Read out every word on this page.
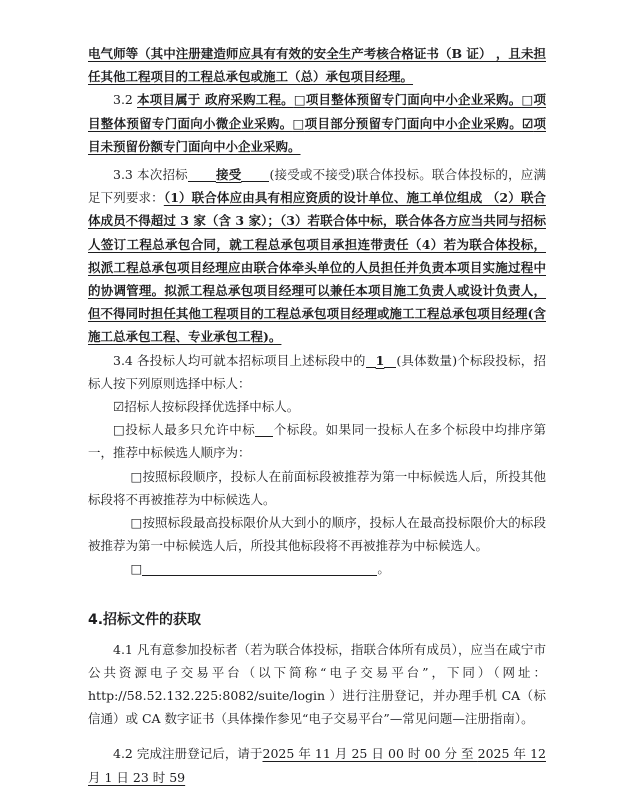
电气师等（其中注册建造师应具有有效的安全生产考核合格证书（B 证） ，且未担任其他工程项目的工程总承包或施工（总）承包项目经理。
3.2 本项目属于 政府采购工程。□项目整体预留专门面向中小企业采购。□项目整体预留专门面向小微企业采购。□项目部分预留专门面向中小企业采购。☑项目未预留份额专门面向中小企业采购。
3.3 本次招标 接受 (接受或不接受)联合体投标。联合体投标的，应满足下列要求：（1）联合体应由具有相应资质的设计单位、施工单位组成 （2）联合体成员不得超过 3 家（含 3 家）；（3）若联合体中标，联合体各方应当共同与招标人签订工程总承包合同，就工程总承包项目承担连带责任（4）若为联合体投标，拟派工程总承包项目经理应由联合体牵头单位的人员担任并负责本项目实施过程中的协调管理。拟派工程总承包项目经理可以兼任本项目施工负责人或设计负责人，但不得同时担任其他工程项目的工程总承包项目经理或施工工程总承包项目经理(含施工总承包工程、专业承包工程)。
3.4 各投标人均可就本招标项目上述标段中的 1 (具体数量)个标段投标，招标人按下列原则选择中标人：
☑招标人按标段择优选择中标人。
□投标人最多只允许中标 个标段。如果同一投标人在多个标段中均排序第一，推荐中标候选人顺序为：
□按照标段顺序，投标人在前面标段被推荐为第一中标候选人后，所投其他标段将不再被推荐为中标候选人。
□按照标段最高投标限价从大到小的顺序，投标人在最高投标限价大的标段被推荐为第一中标候选人后，所投其他标段将不再被推荐为中标候选人。
□	。
4.招标文件的获取
4.1 凡有意参加投标者（若为联合体投标，指联合体所有成员），应当在咸宁市公共资源电子交易平台（以下简称“电子交易平台”，下同）（网址：http://58.52.132.225:8082/suite/login ）进行注册登记，并办理手机 CA（标信通）或 CA 数字证书（具体操作参见“电子交易平台”—常见问题—注册指南）。
4.2 完成注册登记后，请于2025 年 11 月 25 日 00 时 00 分 至 2025 年 12 月 1 日 23 时 59
